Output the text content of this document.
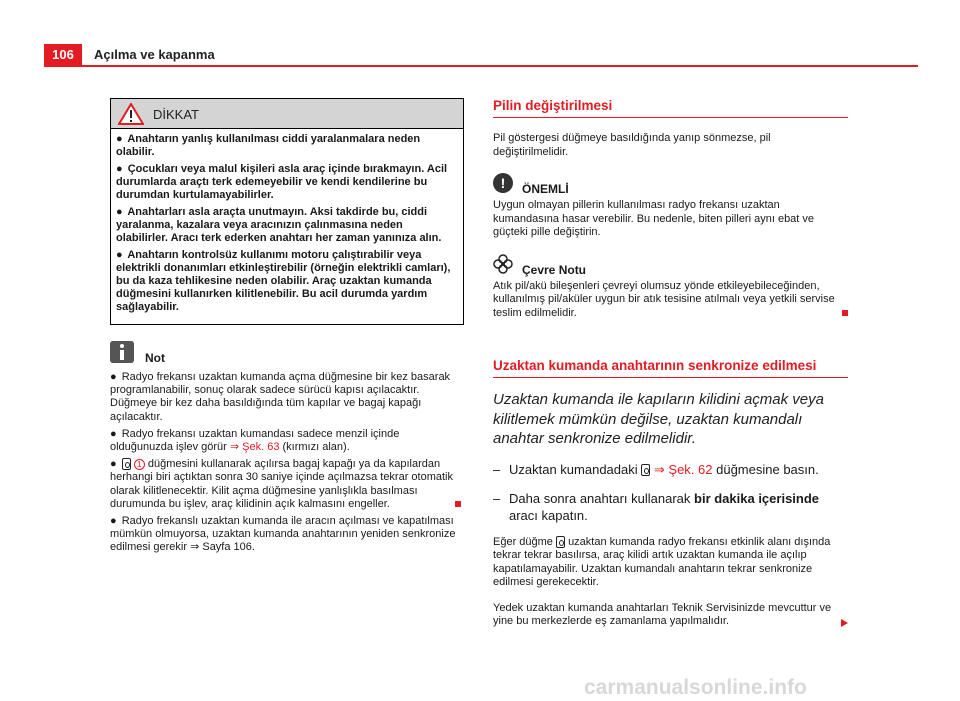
106	Açılma ve kapanma
DİKKAT

● Anahtarın yanlış kullanılması ciddi yaralanmalara neden olabilir.

● Çocukları veya malul kişileri asla araç içinde bırakmayın. Acil durumlarda araçtı terk edemeyebilir ve kendi kendilerine bu durumdan kurtulamayabilirler.

● Anahtarları asla araçta unutmayın. Aksi takdirde bu, ciddi yaralanma, kazalara veya aracınızın çalınmasına neden olabilirler. Aracı terk ederken anahtarı her zaman yanınıza alın.

● Anahtarın kontrolsüz kullanımı motoru çalıştırabilir veya elektrikli donanımları etkinleştirebilir (örneğin elektrikli camları), bu da kaza tehlikesine neden olabilir. Araç uzaktan kumanda düğmesini kullanırken kilitlenebilir. Bu acil durumda yardım sağlayabilir.

Not

● Radyo frekansı uzaktan kumanda açma düğmesine bir kez basarak programlanabilir, sonuç olarak sadece sürücü kapısı açılacaktır. Düğmeye bir kez daha basıldığında tüm kapılar ve bagaj kapağı açılacaktır.

● Radyo frekansı uzaktan kumandası sadece menzil içinde olduğunuzda işlev görür ⇒ Şek. 63 (kırmızı alan).

●	1 düğmesini kullanarak açılırsa bagaj kapağı ya da kapılardan herhangi biri açtıktan sonra 30 saniye içinde açılmazsa tekrar otomatik olarak kilitlenecektir. Kilit açma düğmesine yanlışlıkla basılması durumunda bu işlev, araç kilidinin açık kalmasını engeller.

● Radyo frekanslı uzaktan kumanda ile aracın açılması ve kapatılması mümkün olmuyorsa, uzaktan kumanda anahtarının yeniden senkronize edilmesi gerekir ⇒ Sayfa 106.

Pilin değiştirilmesi

Pil göstergesi düğmeye basıldığında yanıp sönmezse, pil değiştirilmelidir.

!	ÖNEMLİ

Uygun olmayan pillerin kullanılması radyo frekansı uzaktan kumandasına hasar verebilir. Bu nedenle, biten pilleri aynı ebat ve güçteki pille değiştirin.

Çevre Notu

Atık pil/akü bileşenleri çevreyi olumsuz yönde etkileyebileceğinden, kullanılmış pil/aküler uygun bir atık tesisine atılmalı veya yetkili servise teslim edilmelidir.

Uzaktan kumanda anahtarının senkronize edilmesi

Uzaktan kumanda ile kapıların kilidini açmak veya kilitlemek mümkün değilse, uzaktan kumandalı anahtar senkronize edilmelidir.

– Uzaktan kumandadaki ⇒ Şek. 62 düğmesine basın.
– Daha sonra anahtarı kullanarak bir dakika içerisinde aracı kapatın.

Eğer düğme uzaktan kumanda radyo frekansı etkinlik alanı dışında tekrar tekrar basılırsa, araç kilidi artık uzaktan kumanda ile açılıp kapatılamayabilir. Uzaktan kumandalı anahtarın tekrar senkronize edilmesi gerekecektir.

Yedek uzaktan kumanda anahtarları Teknik Servisinizde mevcuttur ve yine bu merkezlerde eş zamanlama yapılmalıdır.

carmanualsonline.info
